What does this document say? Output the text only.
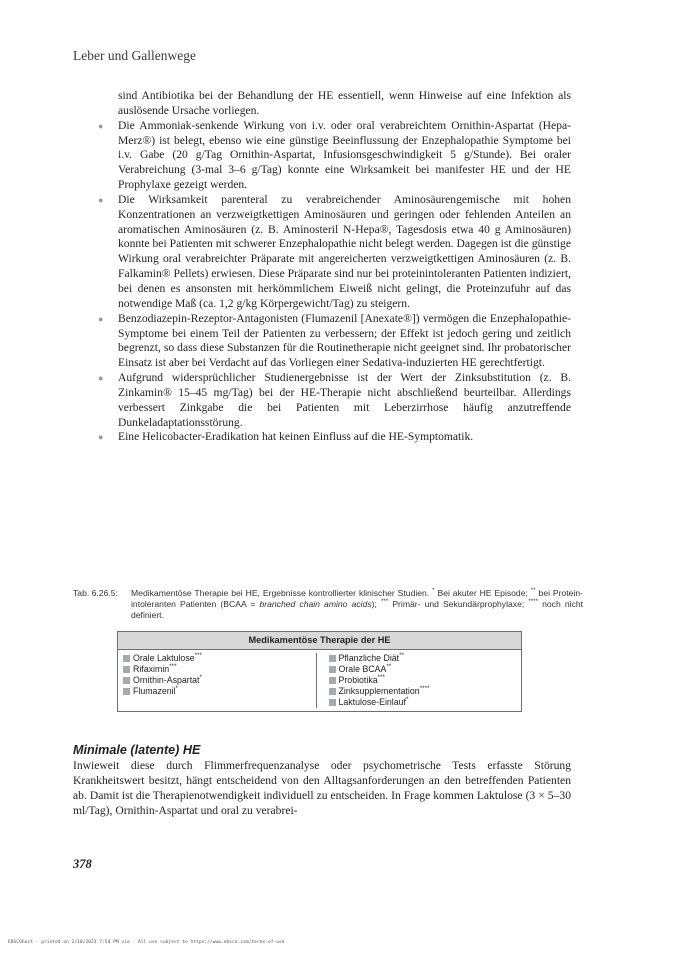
Leber und Gallenwege

sind Antibiotika bei der Behandlung der HE essentiell, wenn Hinweise auf eine Infektion als auslösende Ursache vorliegen.

● Die Ammoniak-senkende Wirkung von i.v. oder oral verabreichtem Ornithin-Aspartat (Hepa-Merz®) ist belegt, ebenso wie eine günstige Beeinflussung der Enzephalopathie Symptome bei i.v. Gabe (20 g/Tag Ornithin-Aspartat, Infusionsgeschwindigkeit 5 g/Stunde). Bei oraler Verabreichung (3-mal 3–6 g/Tag) konnte eine Wirksamkeit bei manifester HE und der HE Prophylaxe gezeigt werden.
● Die Wirksamkeit parenteral zu verabreichender Aminosäurengemische mit hohen Konzentrationen an verzweigtkettigen Aminosäuren und geringen oder fehlenden Anteilen an aromatischen Aminosäuren (z. B. Aminosteril N-Hepa®, Tagesdosis etwa 40 g Aminosäuren) konnte bei Patienten mit schwerer Enzephalopathie nicht belegt werden. Dagegen ist die günstige Wirkung oral verabreichter Präparate mit angereicherten verzweigtkettigen Aminosäuren (z. B. Falkamin® Pellets) erwiesen. Diese Präparate sind nur bei proteinintoleranten Patienten indiziert, bei denen es ansonsten mit herkömmlichem Eiweiß nicht gelingt, die Proteinzufuhr auf das notwendige Maß (ca. 1,2 g/kg Körpergewicht/Tag) zu steigern.
● Benzodiazepin-Rezeptor-Antagonisten (Flumazenil [Anexate®]) vermögen die Enzephalopathie-Symptome bei einem Teil der Patienten zu verbessern; der Effekt ist jedoch gering und zeitlich begrenzt, so dass diese Substanzen für die Routinetherapie nicht geeignet sind. Ihr probatorischer Einsatz ist aber bei Verdacht auf das Vorliegen einer Sedativa-induzierten HE gerechtfertigt.
● Aufgrund widersprüchlicher Studienergebnisse ist der Wert der Zinksubstitution (z. B. Zinkamin® 15–45 mg/Tag) bei der HE-Therapie nicht abschließend beurteilbar. Allerdings verbessert Zinkgabe die bei Patienten mit Leberzirrhose häufig anzutreffende Dunkeladaptationsstörung.
● Eine Helicobacter-Eradikation hat keinen Einfluss auf die HE-Symptomatik.
Tab. 6.26.5:	Medikamentöse Therapie bei HE, Ergebnisse kontrollierter klinischer Studien. * Bei akuter HE Episode; ** bei Protein-intoleranten Patienten (BCAA = branched chain amino acids); *** Primär- und Sekundärprophylaxe; **** noch nicht definiert.
Medikamentöse Therapie der HE
Orale Laktulose***
Rifaximin***
Ornithin-Aspartat*
Flumazenil*
Pflanzliche Diät**
Orale BCAA**
Probiotika***
Zinksupplementation****
Laktulose-Einlauf*
Minimale (latente) HE
Inwieweit diese durch Flimmerfrequenzanalyse oder psychometrische Tests erfasste Störung Krankheitswert besitzt, hängt entscheidend von den Alltagsanforderungen an den betreffenden Patienten ab. Damit ist die Therapienotwendigkeit individuell zu entscheiden. In Frage kommen Laktulose (3 × 5–30 ml/Tag), Ornithin-Aspartat und oral zu verabrei-
378
EBSCOhost - printed on 2/10/2023 7:54 PM via . All use subject to https://www.ebsco.com/terms-of-use
